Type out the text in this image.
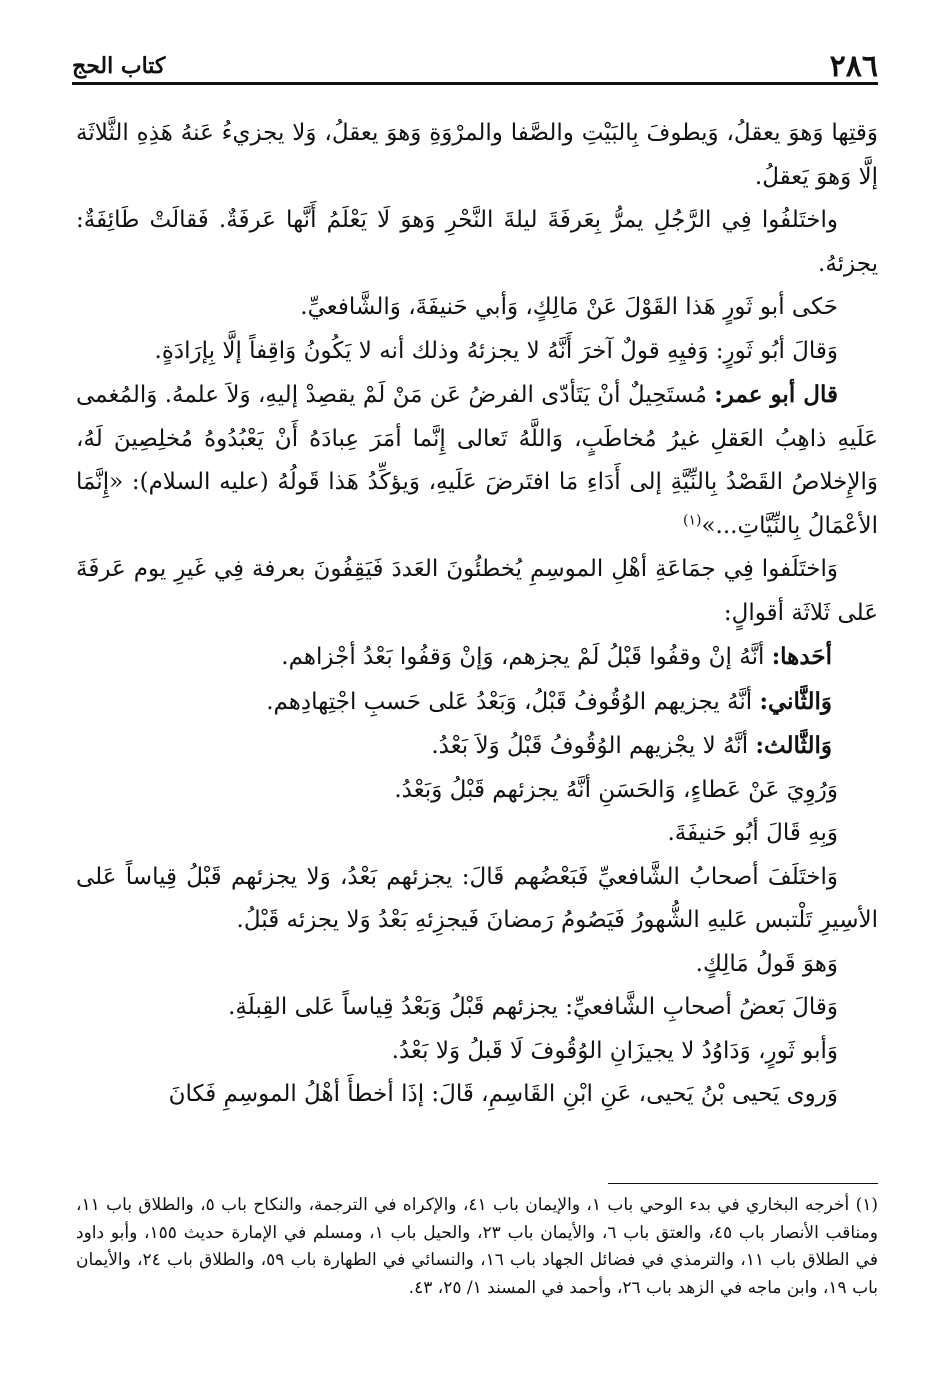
٢٨٦
كتاب الحج

وَقتِها وَهوَ يعقلُ، وَيطوفَ بِالبَيْتِ والصَّفا والمرْوَةِ وَهوَ يعقلُ، وَلا يجزيءُ عَنهُ هَذِهِ الثَّلاثَة إلَّا وَهوَ يَعقلُ.

واختَلفُوا فِي الرَّجُلِ يمرُّ بِعَرفَةَ ليلةَ النَّحْرِ وَهوَ لَا يَعْلَمُ أَنَّها عَرفَةٌ. فَقالَتْ طَائِفَةٌ: يجزئهُ.

حَكى أبو ثَورٍ هَذا القَوْلَ عَنْ مَالِكٍ، وَأبي حَنيفَةَ، وَالشَّافعيِّ.

وَقالَ أبُو ثَورٍ: وَفيِهِ قولٌ آخرَ أَنَّهُ لا يجزئهُ وذلك أنه لا يَكُونُ وَاقِفاً إلَّا بِإرَادَةٍ.

قال أبو عمر: مُستَحِيلٌ أنْ يَتَأدّى الفرضُ عَن مَنْ لَمْ يقصِدْ إليهِ، وَلاَ علمهُ. وَالمُغمى عَلَيهِ ذاهِبُ العَقلِ غيرُ مُخاطَبٍ، وَاللَّهُ تَعالى إِنَّما أمَرَ عِبادَهُ أَنْ يَعْبُدُوهُ مُخلِصِينَ لَهُ، وَالإِخلاصُ القَصْدُ بِالنِّيَّةِ إلى أَدَاءِ مَا افتَرضَ عَلَيهِ، وَيؤكِّدُ هَذا قَولُهُ (عليه السلام): «إِنَّمَا الأعْمَالُ بِالنِّيَّاتِ...»$^{(١)}$

وَاختَلَفوا فِي جمَاعَةِ أهْلِ الموسِمِ يُخطئُونَ العَددَ فَيَقِفُونَ بعرفة فِي غَيرِ يوم عَرفَةَ عَلى ثَلاثَة أقوالٍ:

أحَدها: أنَّهُ إنْ وقفُوا قَبْلُ لَمْ يجزهم، وَإنْ وَقفُوا بَعْدُ أجْزاهم.

وَالثَّاني: أنَّهُ يجزيهم الوُقُوفُ قَبْلُ، وَبَعْدُ عَلى حَسبِ اجْتِهادِهم.

وَالثَّالث: أنَّهُ لا يجْزيهم الوُقُوفُ قَبْلُ وَلاَ بَعْدُ.

وَرُوِيَ عَنْ عَطاءٍ، وَالحَسَنِ أنَّهُ يجزئهم قَبْلُ وَبَعْدُ.

وَبِهِ قَالَ أبُو حَنيفَةَ.

وَاختَلَفَ أصحابُ الشَّافعيِّ فَبَعْضُهم قَالَ: يجزئهم بَعْدُ، وَلا يجزئهم قَبْلُ قِياساً عَلى الأسِيرِ تَلْتبس عَليهِ الشُّهورُ فَيَصُومُ رَمضانَ فَيجزِئهِ بَعْدُ وَلا يجزئه قَبْلُ.

وَهوَ قَولُ مَالِكٍ.

وَقالَ بَعضُ أصحابِ الشَّافعيِّ: يجزئهم قَبْلُ وَبَعْدُ قِياساً عَلى القِبلَةِ.

وَأبو ثَورٍ، وَدَاوُدُ لا يجيزَانِ الوُقُوفَ لَا قَبلُ وَلا بَعْدُ.

وَروى يَحيى بْنُ يَحيى، عَنِ ابْنِ القَاسِمِ، قَالَ: إذَا أخطأَ أهْلُ الموسِمِ فَكانَ

(١) أخرجه البخاري في بدء الوحي باب ١، والإيمان باب ٤١، والإكراه في الترجمة، والنكاح باب ٥، والطلاق باب ١١، ومناقب الأنصار باب ٤٥، والعتق باب ٦، والأيمان باب ٢٣، والحيل باب ١، ومسلم في الإمارة حديث ١٥٥، وأبو داود في الطلاق باب ١١، والترمذي في فضائل الجهاد باب ١٦، والنسائي في الطهارة باب ٥٩، والطلاق باب ٢٤، والأيمان باب ١٩، وابن ماجه في الزهد باب ٢٦، وأحمد في المسند ١/ ٢٥، ٤٣.
